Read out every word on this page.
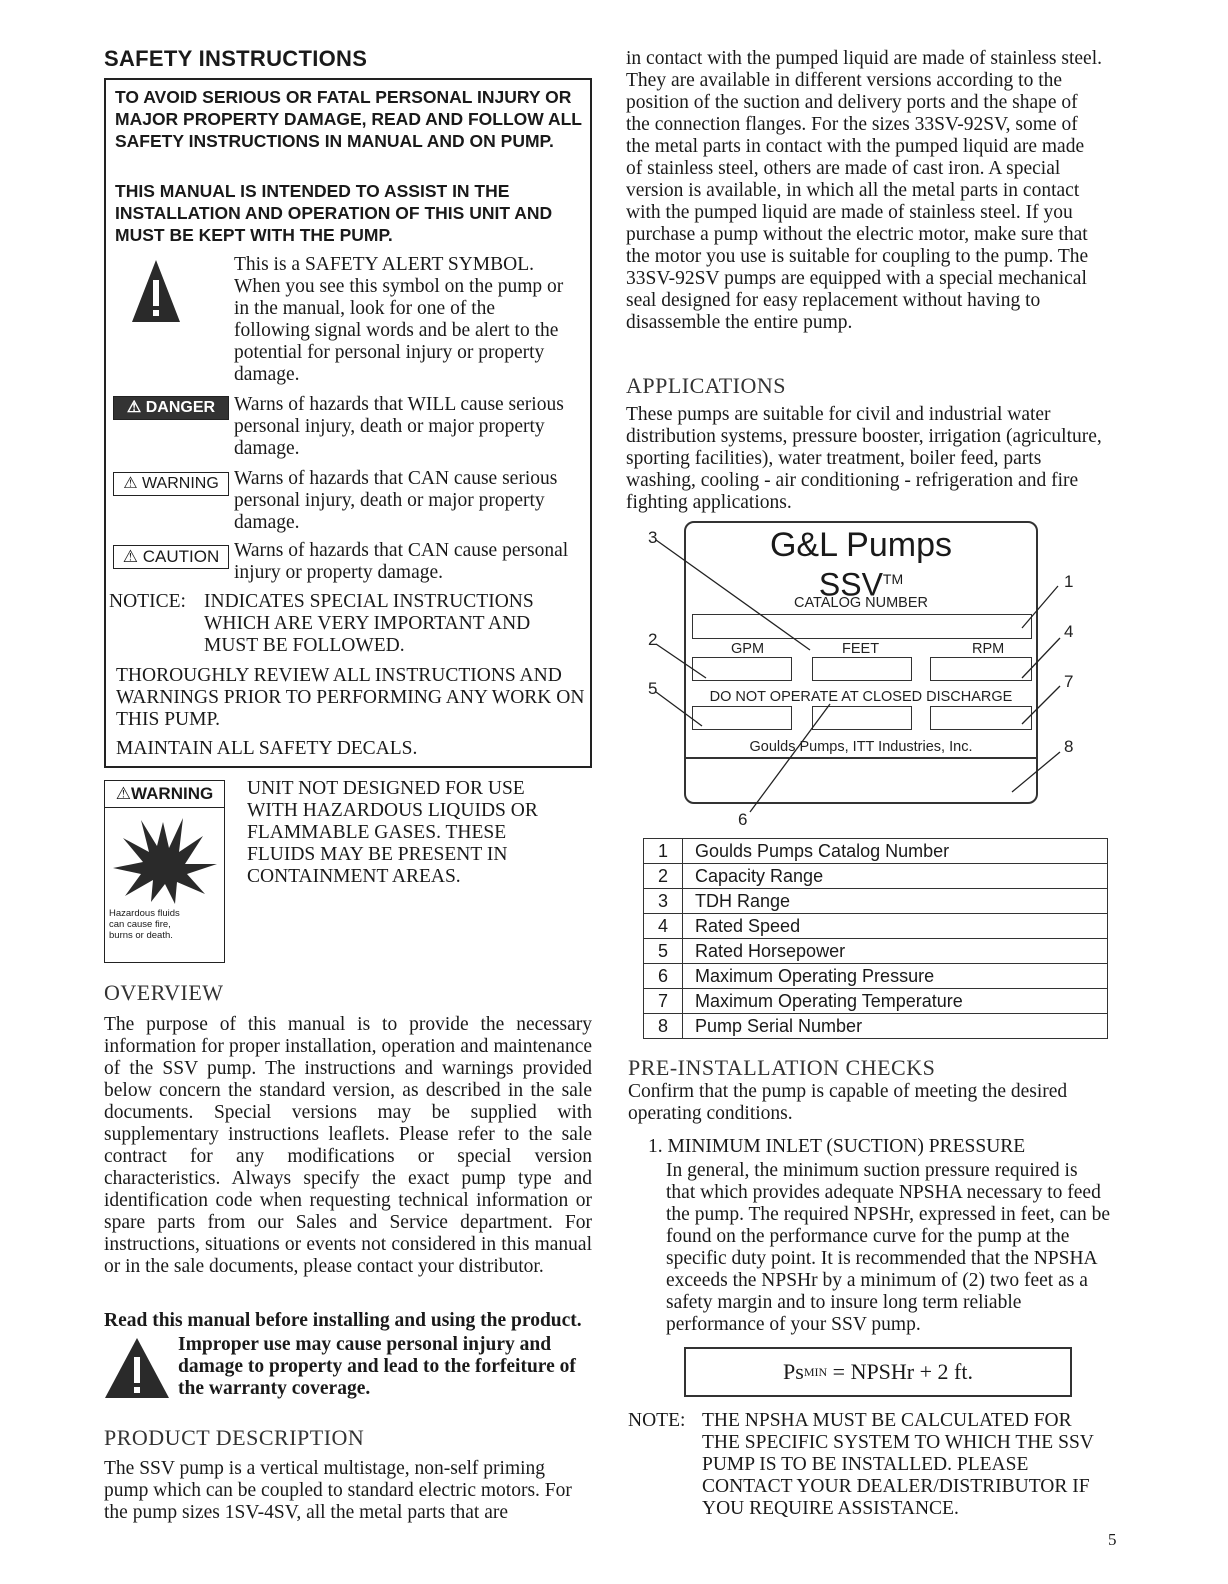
SAFETY INSTRUCTIONS
TO AVOID SERIOUS OR FATAL PERSONAL INJURY OR MAJOR PROPERTY DAMAGE, READ AND FOLLOW ALL SAFETY INSTRUCTIONS IN MANUAL AND ON PUMP.
THIS MANUAL IS INTENDED TO ASSIST IN THE INSTALLATION AND OPERATION OF THIS UNIT AND MUST BE KEPT WITH THE PUMP.
This is a SAFETY ALERT SYMBOL. When you see this symbol on the pump or in the manual, look for one of the following signal words and be alert to the potential for personal injury or property damage.
⚠ DANGER Warns of hazards that WILL cause serious personal injury, death or major property damage.
⚠ WARNING Warns of hazards that CAN cause serious personal injury, death or major property damage.
⚠ CAUTION Warns of hazards that CAN cause personal injury or property damage.
NOTICE: INDICATES SPECIAL INSTRUCTIONS WHICH ARE VERY IMPORTANT AND MUST BE FOLLOWED.
THOROUGHLY REVIEW ALL INSTRUCTIONS AND WARNINGS PRIOR TO PERFORMING ANY WORK ON THIS PUMP.
MAINTAIN ALL SAFETY DECALS.
⚠WARNING
Hazardous fluids can cause fire, burns or death.
UNIT NOT DESIGNED FOR USE WITH HAZARDOUS LIQUIDS OR FLAMMABLE GASES. THESE FLUIDS MAY BE PRESENT IN CONTAINMENT AREAS.
OVERVIEW
The purpose of this manual is to provide the necessary information for proper installation, operation and maintenance of the SSV pump. The instructions and warnings provided below concern the standard version, as described in the sale documents. Special versions may be supplied with supplementary instructions leaflets. Please refer to the sale contract for any modifications or special version characteristics. Always specify the exact pump type and identification code when requesting technical information or spare parts from our Sales and Service department. For instructions, situations or events not considered in this manual or in the sale documents, please contact your distributor.
Read this manual before installing and using the product.
Improper use may cause personal injury and damage to property and lead to the forfeiture of the warranty coverage.
PRODUCT DESCRIPTION
The SSV pump is a vertical multistage, non-self priming pump which can be coupled to standard electric motors. For the pump sizes 1SV-4SV, all the metal parts that are
in contact with the pumped liquid are made of stainless steel. They are available in different versions according to the position of the suction and delivery ports and the shape of the connection flanges. For the sizes 33SV-92SV, some of the metal parts in contact with the pumped liquid are made of stainless steel, others are made of cast iron. A special version is available, in which all the metal parts in contact with the pumped liquid are made of stainless steel. If you purchase a pump without the electric motor, make sure that the motor you use is suitable for coupling to the pump. The 33SV-92SV pumps are equipped with a special mechanical seal designed for easy replacement without having to disassemble the entire pump.
APPLICATIONS
These pumps are suitable for civil and industrial water distribution systems, pressure booster, irrigation (agriculture, sporting facilities), water treatment, boiler feed, parts washing, cooling - air conditioning - refrigeration and fire fighting applications.
G&L Pumps
SSV™
CATALOG NUMBER
GPM	FEET	RPM
DO NOT OPERATE AT CLOSED DISCHARGE
Goulds Pumps, ITT Industries, Inc.
3
1
2	4
5	7
8
6
1	Goulds Pumps Catalog Number
2	Capacity Range
3	TDH Range
4	Rated Speed
5	Rated Horsepower
6	Maximum Operating Pressure
7	Maximum Operating Temperature
8	Pump Serial Number
PRE-INSTALLATION CHECKS
Confirm that the pump is capable of meeting the desired operating conditions.
1. MINIMUM INLET (SUCTION) PRESSURE
In general, the minimum suction pressure required is that which provides adequate NPSHA necessary to feed the pump. The required NPSHr, expressed in feet, can be found on the performance curve for the pump at the specific duty point. It is recommended that the NPSHA exceeds the NPSHr by a minimum of (2) two feet as a safety margin and to insure long term reliable performance of your SSV pump.
Ps MIN = NPSHr + 2 ft.
NOTE: THE NPSHA MUST BE CALCULATED FOR THE SPECIFIC SYSTEM TO WHICH THE SSV PUMP IS TO BE INSTALLED. PLEASE CONTACT YOUR DEALER/DISTRIBUTOR IF YOU REQUIRE ASSISTANCE.
5
